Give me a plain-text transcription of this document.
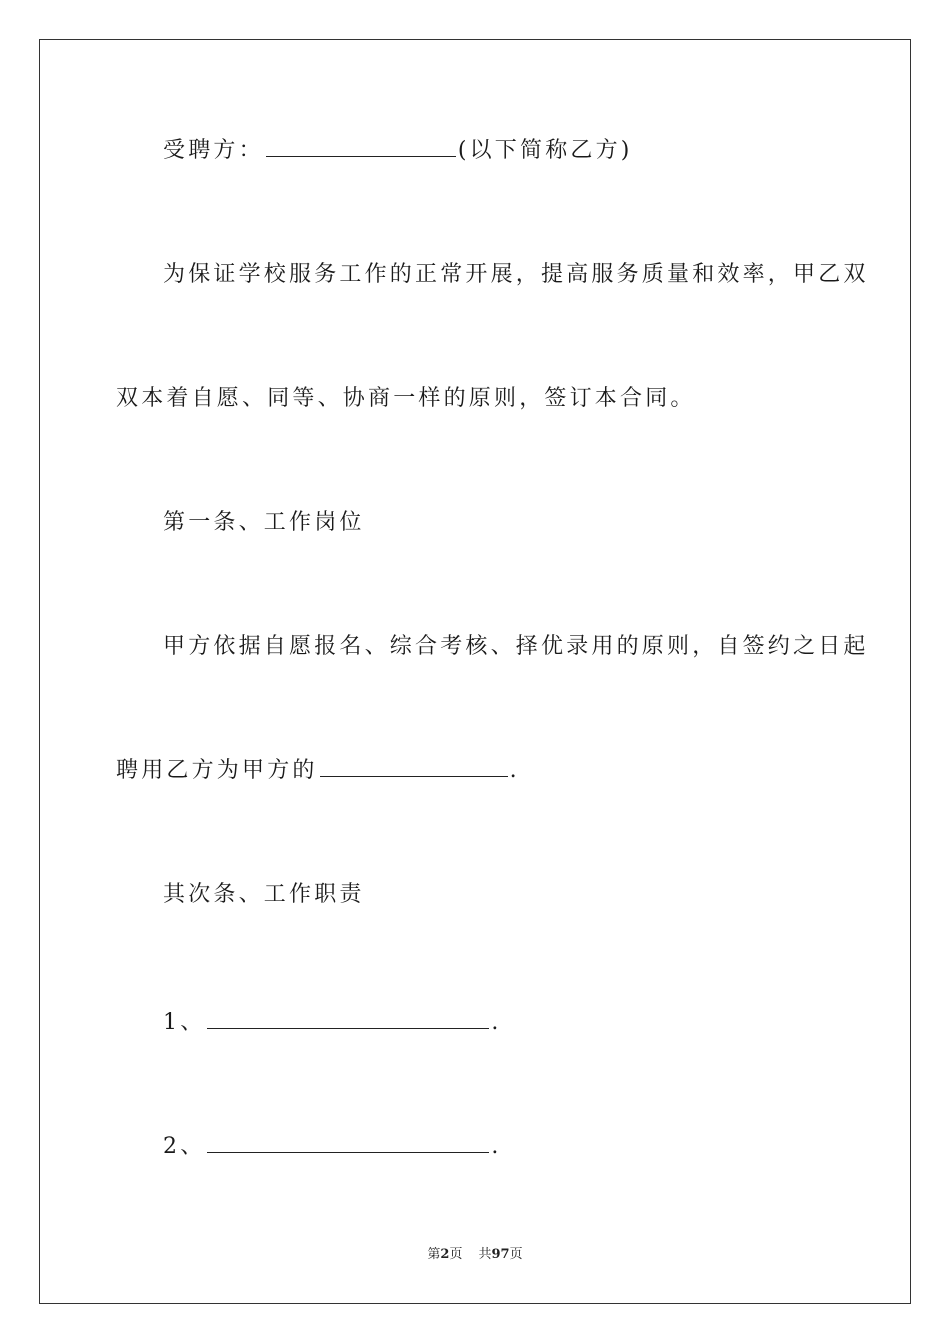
受聘方：	(以下简称乙方)
为保证学校服务工作的正常开展，提高服务质量和效率，甲乙双
双本着自愿、同等、协商一样的原则，签订本合同。
第一条、工作岗位
甲方依据自愿报名、综合考核、择优录用的原则，自签约之日起
聘用乙方为甲方的	.
其次条、工作职责
1、	.
2、	.
第2页 共97页
